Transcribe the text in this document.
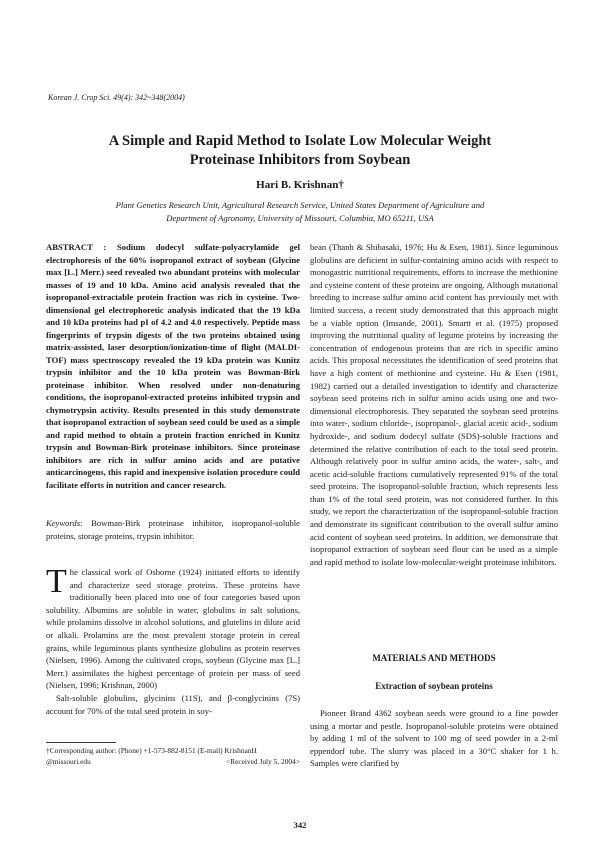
Korean J. Crop Sci. 49(4): 342~348(2004)
A Simple and Rapid Method to Isolate Low Molecular Weight
Proteinase Inhibitors from Soybean
Hari B. Krishnan†
Plant Genetics Research Unit, Agricultural Research Service, United States Department of Agriculture and
Department of Agronomy, University of Missouri, Columbia, MO 65211, USA
ABSTRACT : Sodium dodecyl sulfate-polyacrylamide gel electrophoresis of the 60% isopropanol extract of soybean (Glycine max [L.] Merr.) seed revealed two abundant proteins with molecular masses of 19 and 10 kDa. Amino acid analysis revealed that the isopropanol-extractable protein fraction was rich in cysteine. Two-dimensional gel electrophoretic analysis indicated that the 19 kDa and 10 kDa proteins had pI of 4.2 and 4.0 respectively. Peptide mass fingerprints of trypsin digests of the two proteins obtained using matrix-assisted, laser desorption/ionization-time of flight (MALDI-TOF) mass spectroscopy revealed the 19 kDa protein was Kunitz trypsin inhibitor and the 10 kDa protein was Bowman-Birk proteinase inhibitor. When resolved under non-denaturing conditions, the isopropanol-extracted proteins inhibited trypsin and chymotrypsin activity. Results presented in this study demonstrate that isopropanol extraction of soybean seed could be used as a simple and rapid method to obtain a protein fraction enriched in Kunitz trypsin and Bowman-Birk proteinase inhibitors. Since proteinase inhibitors are rich in sulfur amino acids and are putative anticarcinogens, this rapid and inexpensive isolation procedure could facilitate efforts in nutrition and cancer research.
Keywords: Bowman-Birk proteinase inhibitor, isopropanol-soluble proteins, storage proteins, trypsin inhibitor.

The classical work of Osborne (1924) initiated efforts to identify and characterize seed storage proteins. These proteins have traditionally been placed into one of four categories based upon solubility. Albumins are soluble in water, globulins in salt solutions, while prolamins dissolve in alcohol solutions, and glutelins in dilute acid or alkali. Prolamins are the most prevalent storage protein in cereal grains, while leguminous plants synthesize globulins as protein reserves (Nielsen, 1996). Among the cultivated crops, soybean (Glycine max [L.] Merr.) assimilates the highest percentage of protein per mass of seed (Nielsen, 1996; Krishnan, 2000)

Salt-soluble globulins, glycinins (11S), and β-conglycinins (7S) account for 70% of the total seed protein in soy-

†Corresponding author: (Phone) +1-573-882-8151 (E-mail) KrishnanH
@missouri.edu	<Received July 5, 2004>
bean (Thanh & Shibasaki, 1976; Hu & Esen, 1981). Since leguminous globulins are deficient in sulfur-containing amino acids with respect to monogastric nutritional requirements, efforts to increase the methionine and cysteine content of these proteins are ongoing. Although mutational breeding to increase sulfur amino acid content has previously met with limited success, a recent study demonstrated that this approach might be a viable option (Imsande, 2001). Smartt et al. (1975) proposed improving the nutritional quality of legume proteins by increasing the concentration of endogenous proteins that are rich in specific amino acids. This proposal necessitates the identification of seed proteins that have a high content of methionine and cysteine. Hu & Esen (1981, 1982) carried out a detailed investigation to identify and characterize soybean seed proteins rich in sulfur amino acids using one and two-dimensional electrophoresis. They separated the soybean seed proteins into water-, sodium chloride-, isopropanol-, glacial acetic acid-, sodium hydroxide-, and sodium dodecyl sulfate (SDS)-soluble fractions and determined the relative contribution of each to the total seed protein. Although relatively poor in sulfur amino acids, the water-, salt-, and acetic acid-soluble fractions cumulatively represented 91% of the total seed proteins. The isopropanol-soluble fraction, which represents less than 1% of the total seed protein, was not considered further. In this study, we report the characterization of the isopropanol-soluble fraction and demonstrate its significant contribution to the overall sulfur amino acid content of soybean seed proteins. In addition, we demonstrate that isopropanol extraction of soybean seed flour can be used as a simple and rapid method to isolate low-molecular-weight proteinase inhibitors.
MATERIALS AND METHODS
Extraction of soybean proteins
Pioneer Brand 4362 soybean seeds were ground to a fine powder using a mortar and pestle. Isopropanol-soluble proteins were obtained by adding 1 ml of the solvent to 100 mg of seed powder in a 2-ml eppendorf tube. The slurry was placed in a 30°C shaker for 1 h. Samples were clarified by
342
